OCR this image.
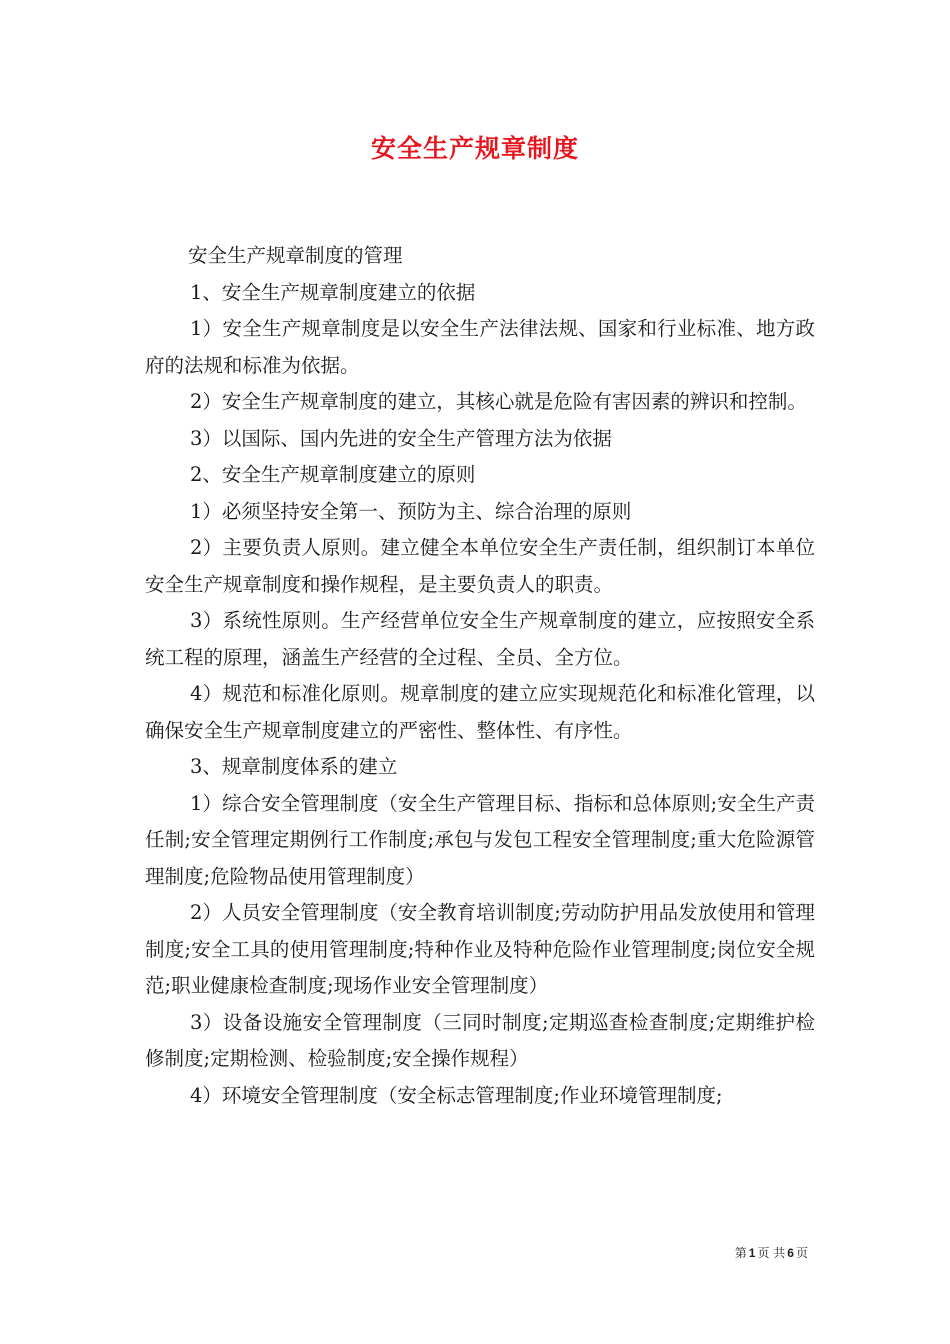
安全生产规章制度

安全生产规章制度的管理

1、安全生产规章制度建立的依据

1）安全生产规章制度是以安全生产法律法规、国家和行业标准、地方政府的法规和标准为依据。

2）安全生产规章制度的建立，其核心就是危险有害因素的辨识和控制。

3）以国际、国内先进的安全生产管理方法为依据

2、安全生产规章制度建立的原则

1）必须坚持安全第一、预防为主、综合治理的原则

2）主要负责人原则。建立健全本单位安全生产责任制，组织制订本单位安全生产规章制度和操作规程，是主要负责人的职责。

3）系统性原则。生产经营单位安全生产规章制度的建立，应按照安全系统工程的原理，涵盖生产经营的全过程、全员、全方位。

4）规范和标准化原则。规章制度的建立应实现规范化和标准化管理，以确保安全生产规章制度建立的严密性、整体性、有序性。

3、规章制度体系的建立

1）综合安全管理制度（安全生产管理目标、指标和总体原则;安全生产责任制;安全管理定期例行工作制度;承包与发包工程安全管理制度;重大危险源管理制度;危险物品使用管理制度）

2）人员安全管理制度（安全教育培训制度;劳动防护用品发放使用和管理制度;安全工具的使用管理制度;特种作业及特种危险作业管理制度;岗位安全规范;职业健康检查制度;现场作业安全管理制度）

3）设备设施安全管理制度（三同时制度;定期巡查检查制度;定期维护检修制度;定期检测、检验制度;安全操作规程）

4）环境安全管理制度（安全标志管理制度;作业环境管理制度;

第 1 页 共 6 页
